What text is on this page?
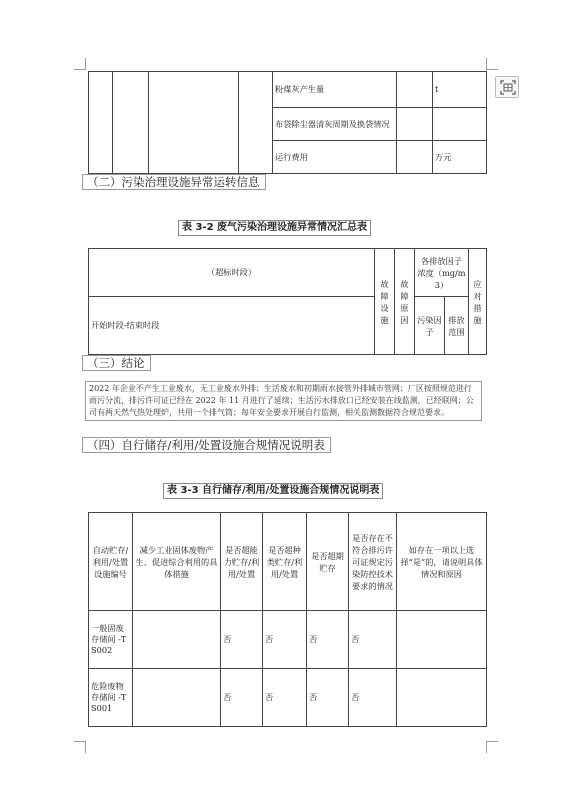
				粉煤灰产生量		t
				布袋除尘器清灰周期及换袋情况		
				运行费用		万元
（二）污染治理设施异常运转信息
表 3-2 废气污染治理设施异常情况汇总表
（超标时段）	故障设施	故障原因	各排放因子浓度（mg/m3）		应对措施
开始时段-结束时段			污染因子	排放范围	
（三）结论
2022 年企业不产生工业废水，无工业废水外排；生活废水和初期雨水接管外排城市管网；厂区按照规范进行雨污分流，排污许可证已经在 2022 年 11 月进行了延续；生活污水排放口已经安装在线监测，已经联网；公司有两天然气热处理炉，共用一个排气筒；每年安全要求开展自行监测，相关监测数据符合规范要求。
（四）自行储存/利用/处置设施合规情况说明表
表 3-3 自行储存/利用/处置设施合规情况说明表
自动贮存/利用/处置设施编号	减少工业固体废物产生、促进综合利用的具体措施	是否超能力贮存/利用/处置	是否超种类贮存/利用/处置	是否超期贮存	是否存在不符合排污许可证规定污染防控技术要求的情况	如存在一项以上选择“是”的，请说明具体情况和原因
一般固废存储间 -TS002		否	否	否	否	
危险废物存储间 -TS001		否	否	否	否	
